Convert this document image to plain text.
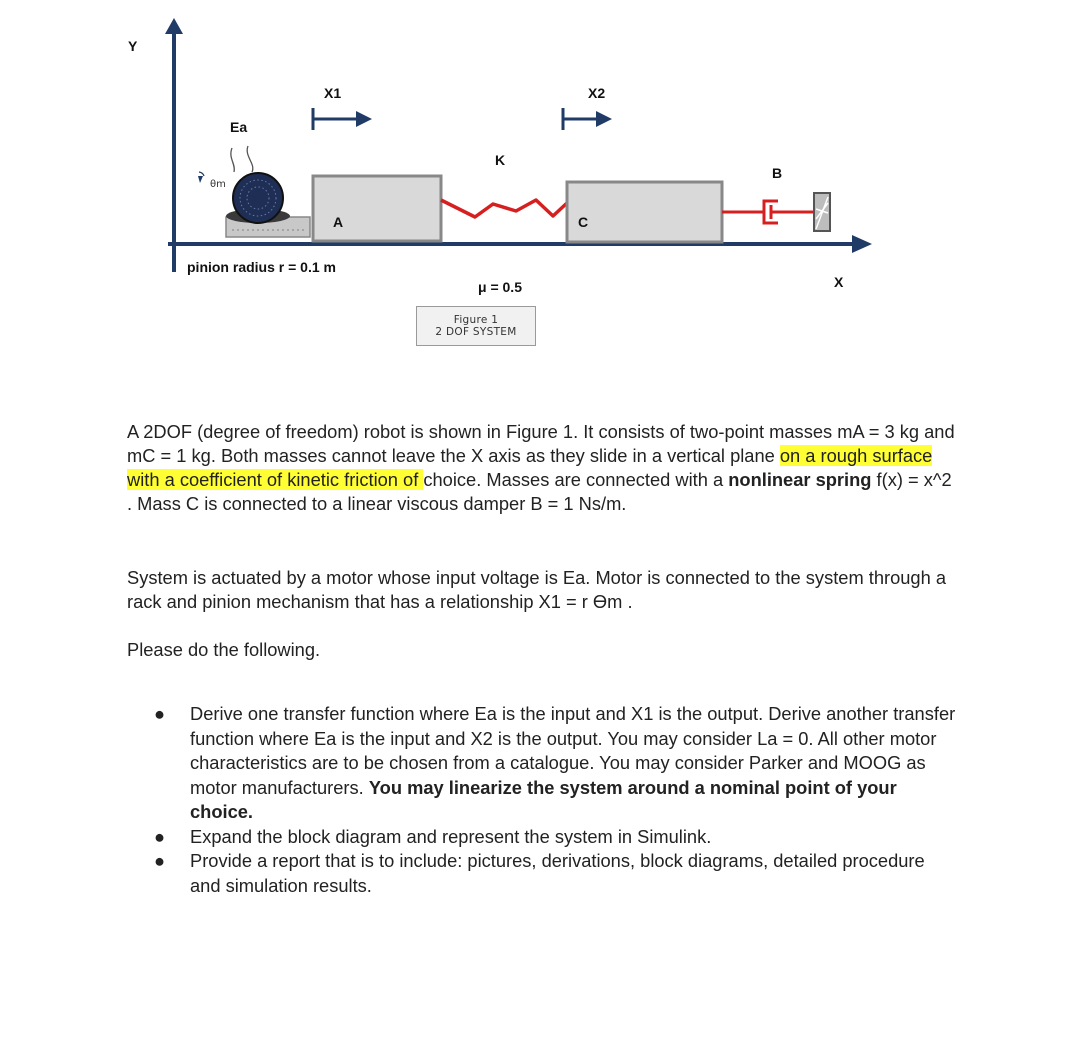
Y
X
X1	X2
Ea
θm
A
K
C
B
pinion radius r = 0.1 m
μ = 0.5
Figure 1
2 DOF SYSTEM

A 2DOF (degree of freedom) robot is shown in Figure 1. It consists of two-point masses mA = 3 kg and mC = 1 kg. Both masses cannot leave the X axis as they slide in a vertical plane on a rough surface with a coefficient of kinetic friction of choice. Masses are connected with a nonlinear spring f(x) = x^2 . Mass C is connected to a linear viscous damper B = 1 Ns/m.

System is actuated by a motor whose input voltage is Ea. Motor is connected to the system through a rack and pinion mechanism that has a relationship X1 = r ϴm .

Please do the following.

● Derive one transfer function where Ea is the input and X1 is the output. Derive another transfer function where Ea is the input and X2 is the output. You may consider La = 0. All other motor characteristics are to be chosen from a catalogue. You may consider Parker and MOOG as motor manufacturers. You may linearize the system around a nominal point of your choice.
● Expand the block diagram and represent the system in Simulink.
● Provide a report that is to include: pictures, derivations, block diagrams, detailed procedure and simulation results.
